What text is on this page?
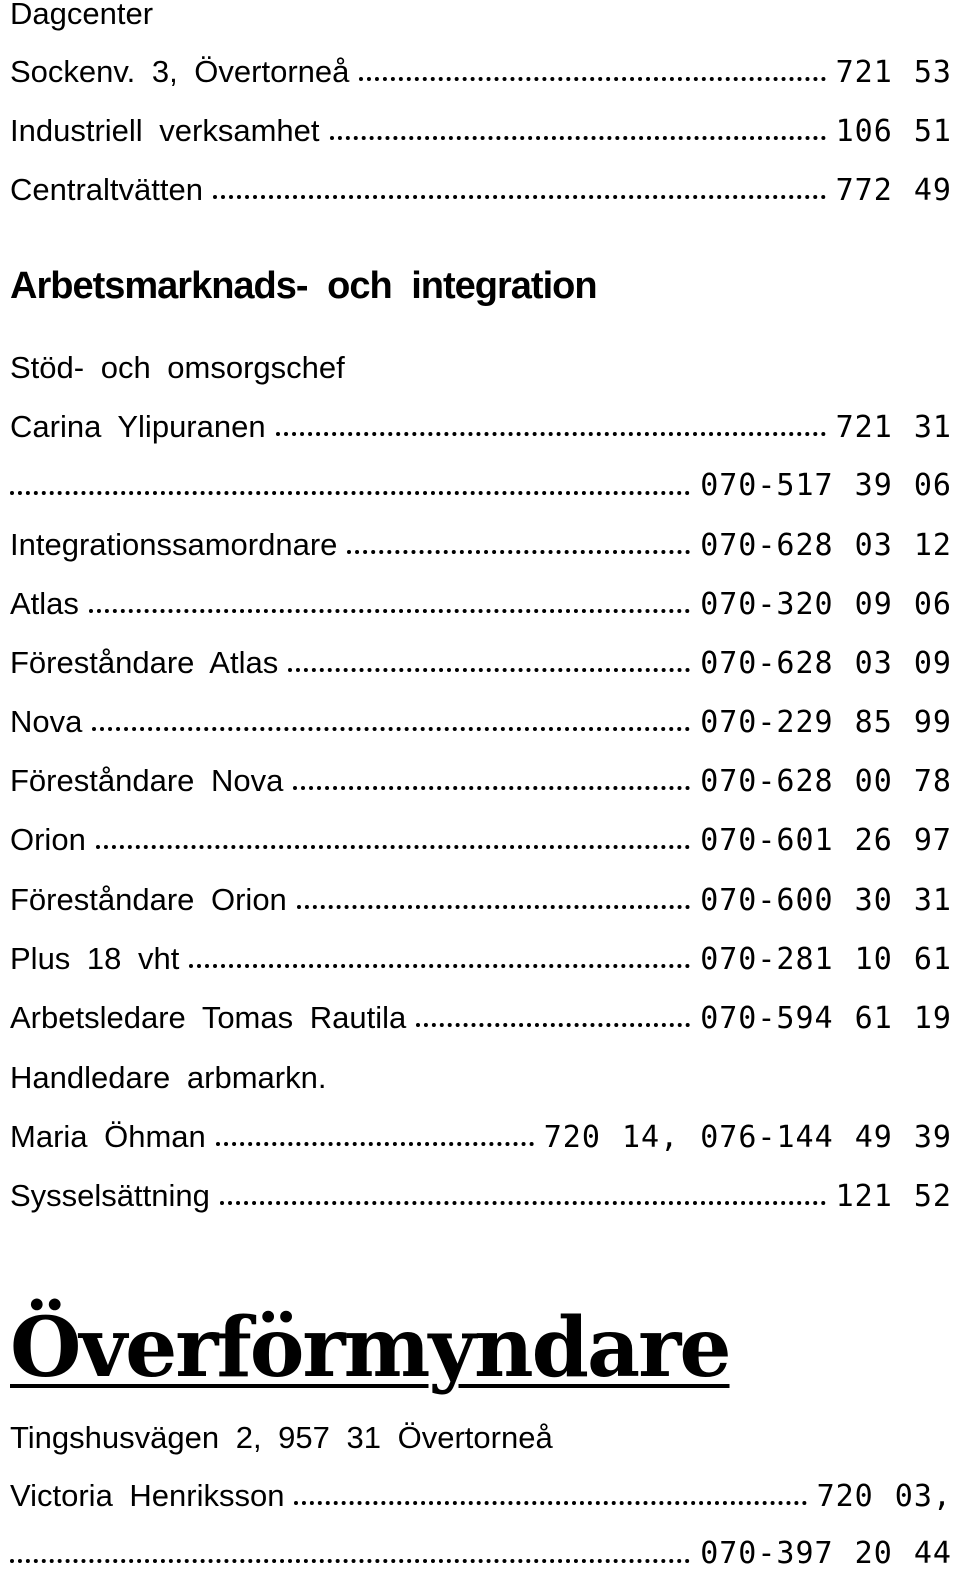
Dagcenter
Sockenv. 3, Övertorneå	721 53
Industriell verksamhet	106 51
Centraltvätten	772 49
Arbetsmarknads- och integration
Stöd- och omsorgschef
Carina Ylipuranen	721 31
070-517 39 06
Integrationssamordnare	070-628 03 12
Atlas	070-320 09 06
Föreståndare Atlas	070-628 03 09
Nova	070-229 85 99
Föreståndare Nova	070-628 00 78
Orion	070-601 26 97
Föreståndare Orion	070-600 30 31
Plus 18 vht	070-281 10 61
Arbetsledare Tomas Rautila	070-594 61 19
Handledare arbmarkn.
Maria Öhman	720 14, 076-144 49 39
Sysselsättning	121 52
Överförmyndare
Tingshusvägen 2, 957 31 Övertorneå
Victoria Henriksson	720 03,
070-397 20 44
